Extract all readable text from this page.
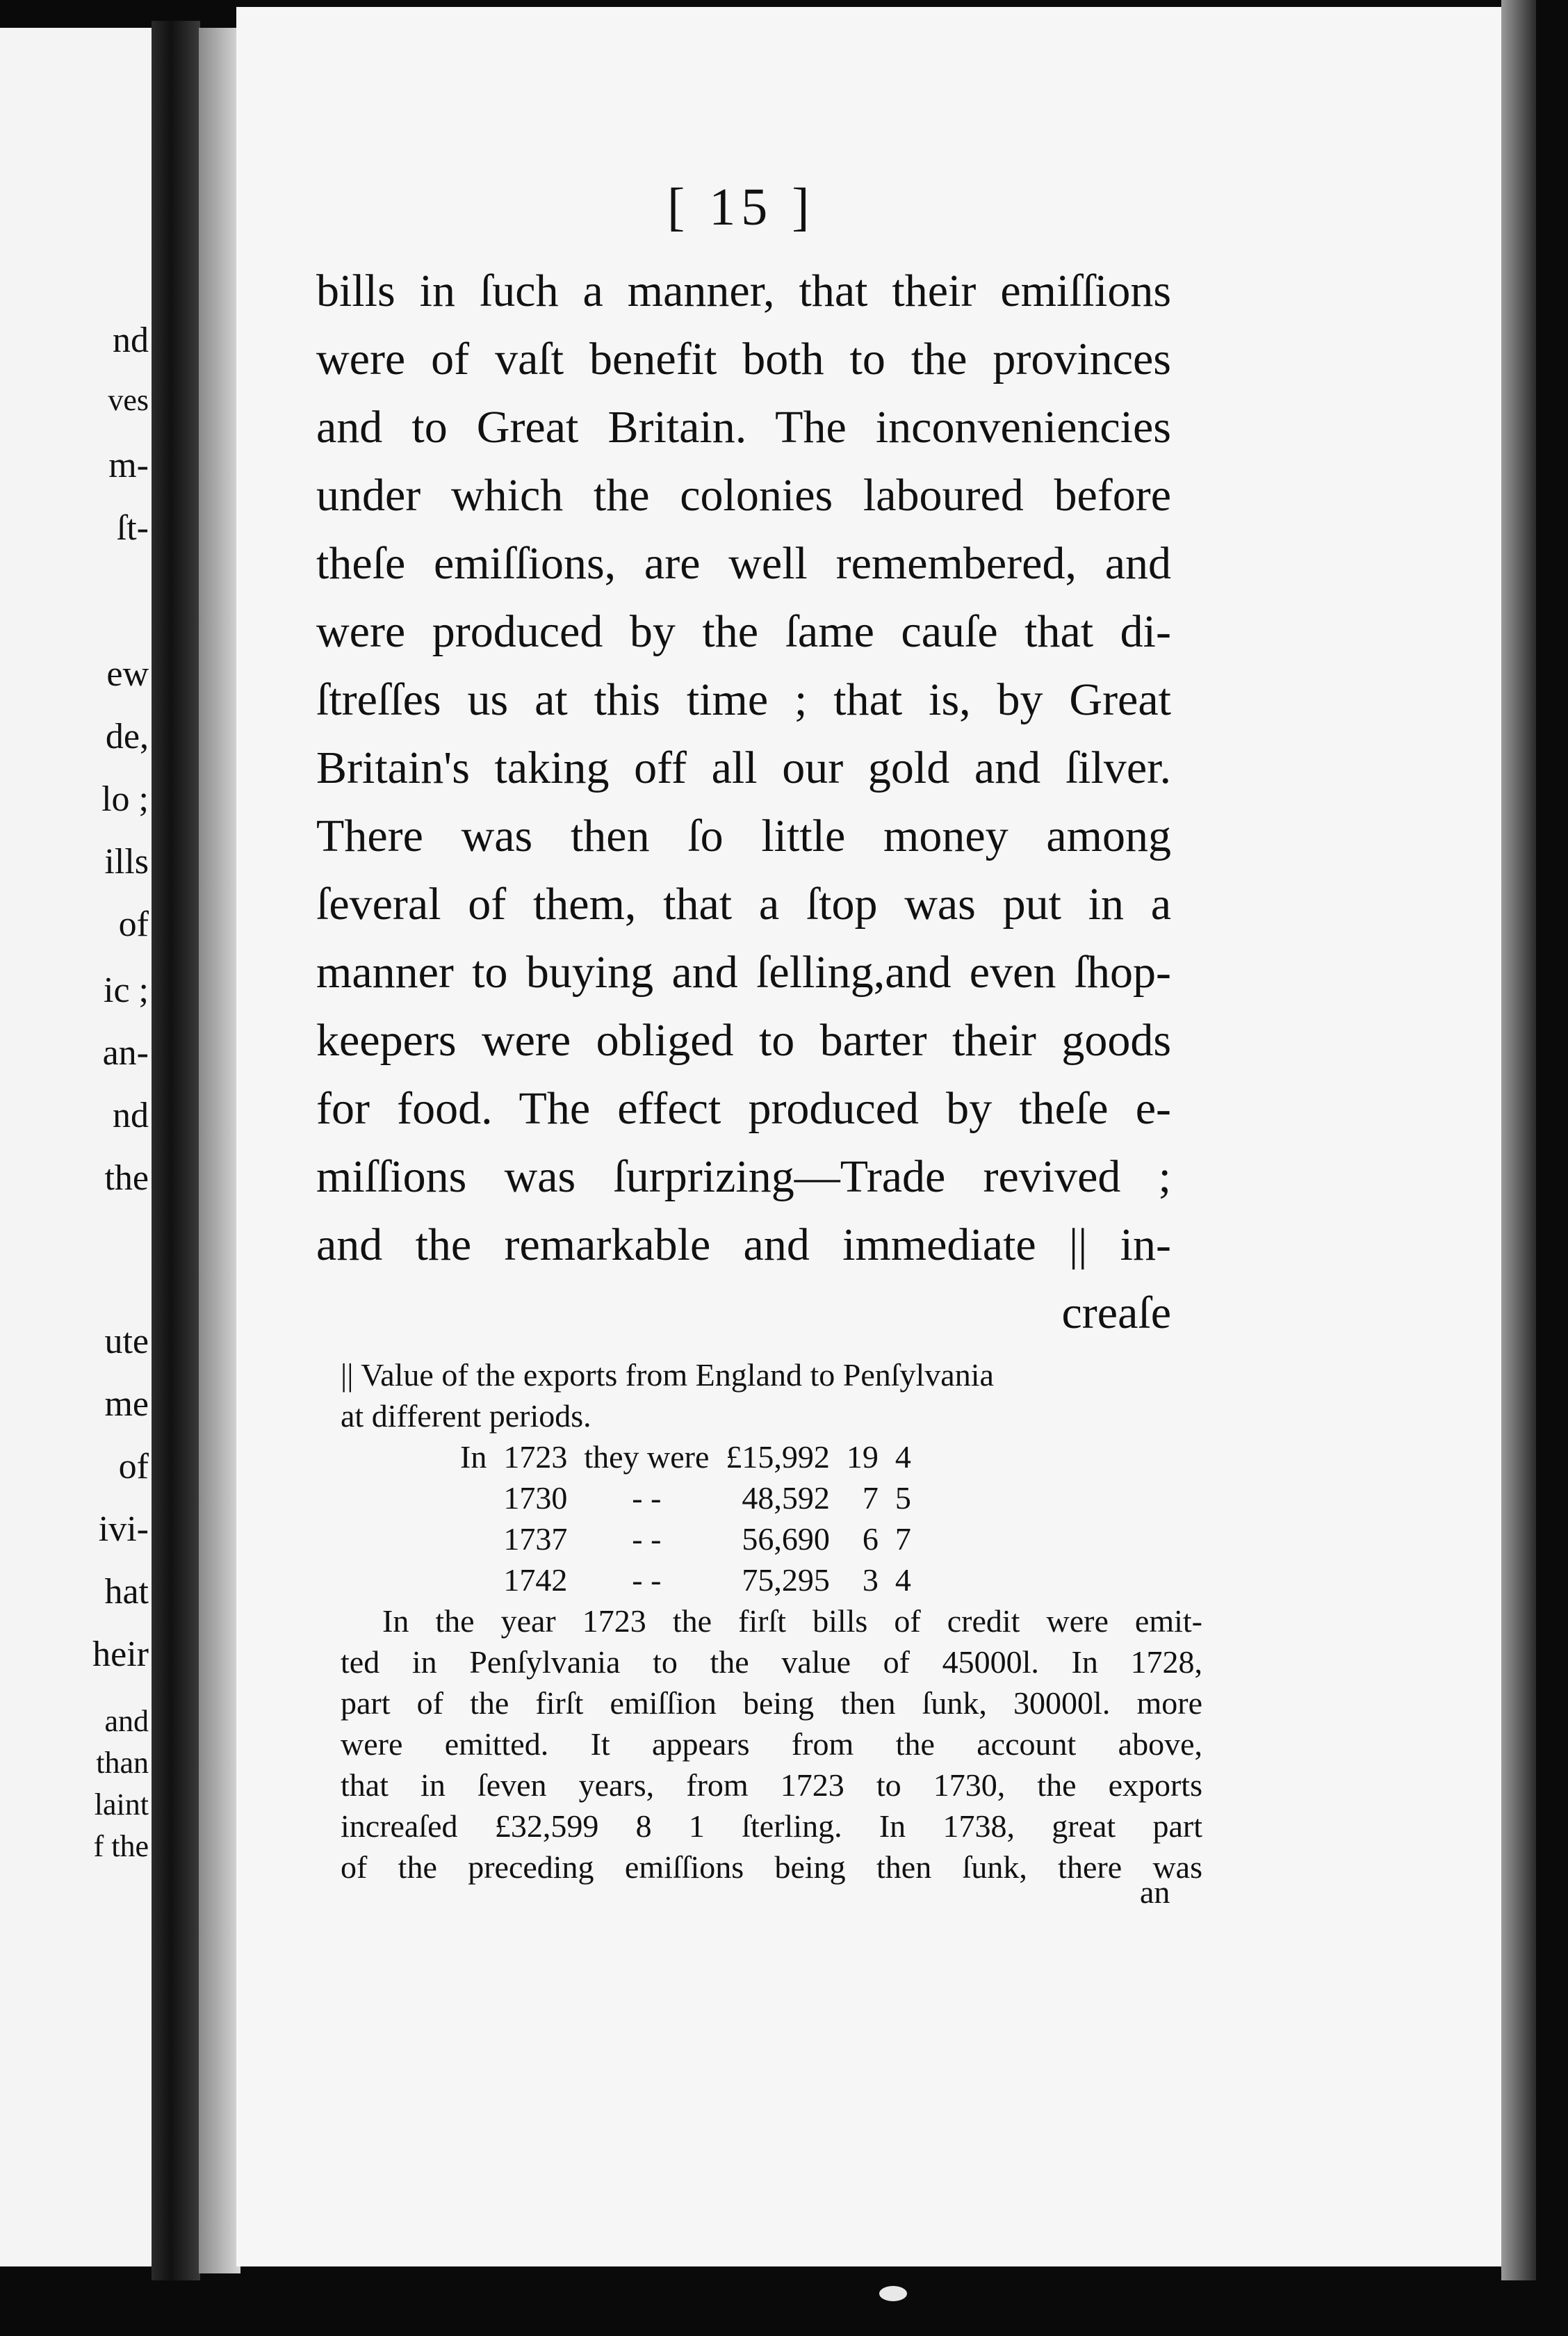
nd
ves
m-
ſt-
ew
de,
lo ;
ills
of
ic ;
an-
nd
the
ute
me
of
ivi-
hat
heir
and
than
laint
f the
[ 15 ]
bills in ſuch a manner, that their emiſſions
were of vaſt benefit both to the provinces
and to Great Britain. The inconveniencies
under which the colonies laboured before
theſe emiſſions, are well remembered, and
were produced by the ſame cauſe that di-
ſtreſſes us at this time ; that is, by Great
Britain's taking off all our gold and ſilver.
There was then ſo little money among
ſeveral of them, that a ſtop was put in a
manner to buying and ſelling,and even ſhop-
keepers were obliged to barter their goods
for food. The effect produced by theſe e-
miſſions was ſurprizing—Trade revived ;
and the remarkable and immediate || in-
creaſe
|| Value of the exports from England to Penſylvania
at different periods.
In	1723	they were	£15,992	19	4
	1730	- -	48,592	7	5
	1737	- -	56,690	6	7
	1742	- -	75,295	3	4
In the year 1723 the firſt bills of credit were emit-
ted in Penſylvania to the value of 45000l. In 1728,
part of the firſt emiſſion being then ſunk, 30000l. more
were emitted. It appears from the account above,
that in ſeven years, from 1723 to 1730, the exports
increaſed £32,599 8 1 ſterling. In 1738, great part
of the preceding emiſſions being then ſunk, there was
an
